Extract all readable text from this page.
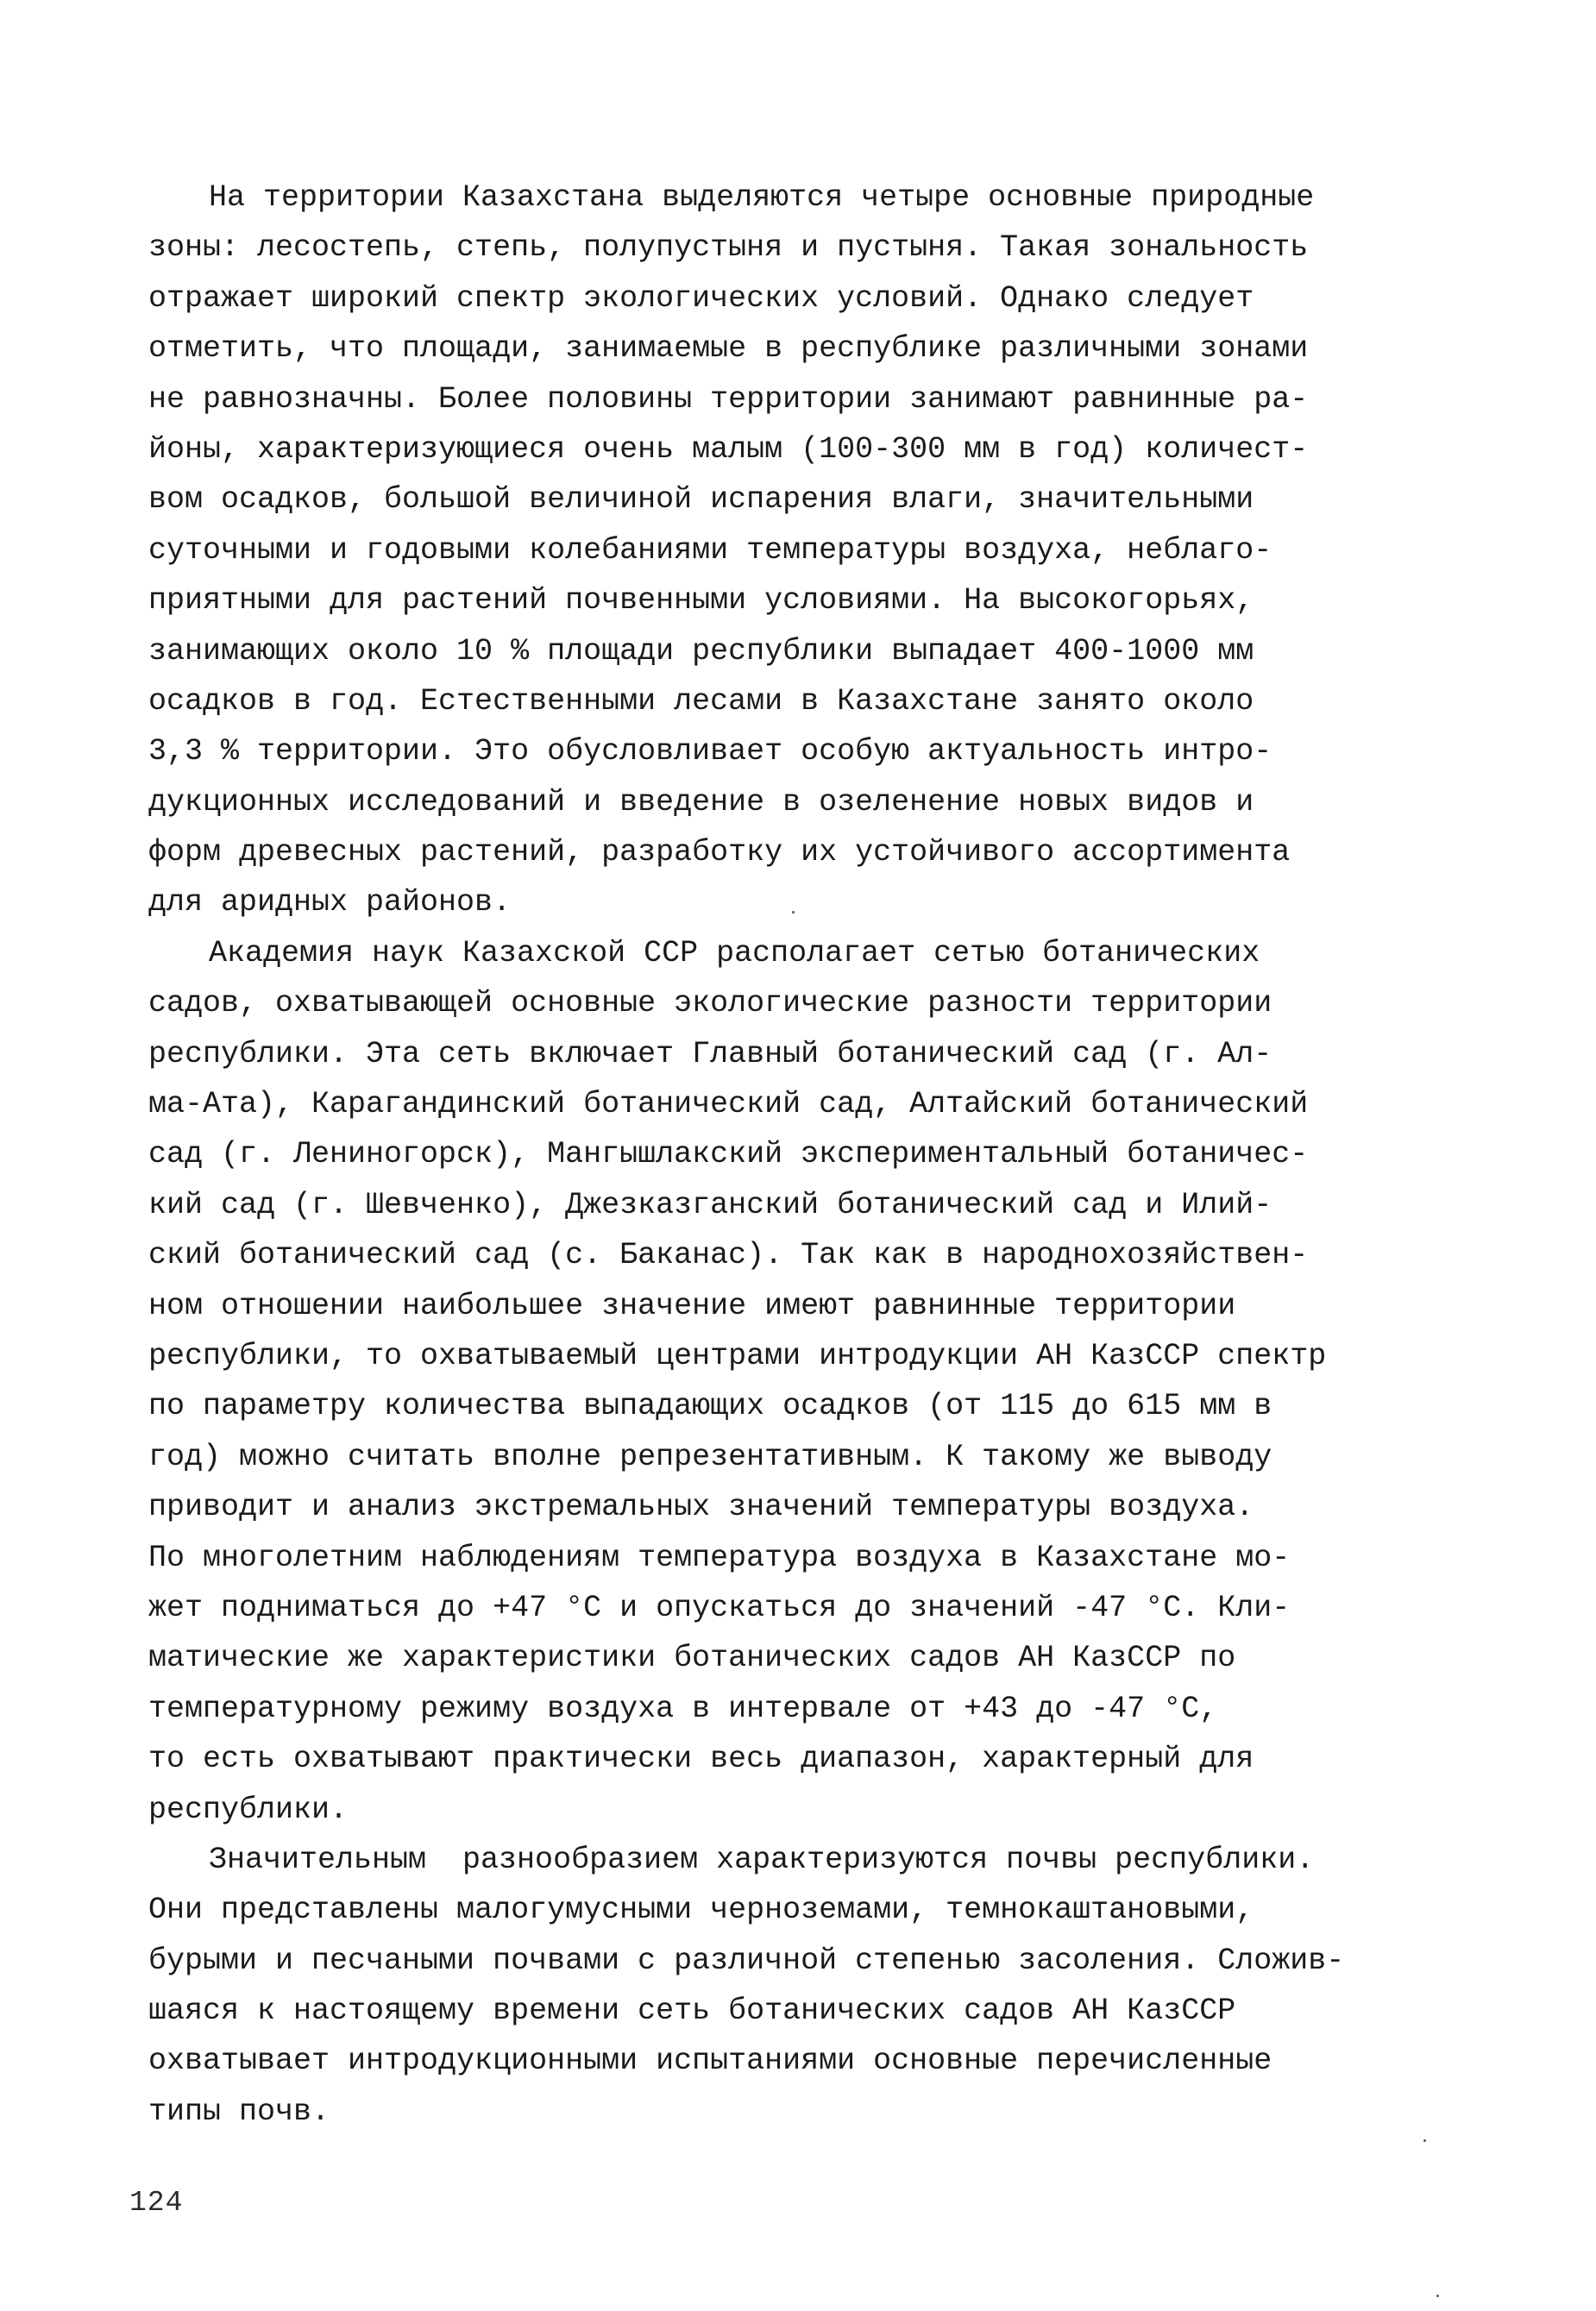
На территории Казахстана выделяются четыре основные природные
зоны: лесостепь, степь, полупустыня и пустыня. Такая зональность
отражает широкий спектр экологических условий. Однако следует
отметить, что площади, занимаемые в республике различными зонами
не равнозначны. Более половины территории занимают равнинные ра-
йоны, характеризующиеся очень малым (100-300 мм в год) количест-
вом осадков, большой величиной испарения влаги, значительными
суточными и годовыми колебаниями температуры воздуха, неблаго-
приятными для растений почвенными условиями. На высокогорьях,
занимающих около 10 % площади республики выпадает 400-1000 мм
осадков в год. Естественными лесами в Казахстане занято около
3,3 % территории. Это обусловливает особую актуальность интро-
дукционных исследований и введение в озеленение новых видов и
форм древесных растений, разработку их устойчивого ассортимента
для аридных районов.
Академия наук Казахской ССР располагает сетью ботанических
садов, охватывающей основные экологические разности территории
республики. Эта сеть включает Главный ботанический сад (г. Ал-
ма-Ата), Карагандинский ботанический сад, Алтайский ботанический
сад (г. Лениногорск), Мангышлакский экспериментальный ботаничес-
кий сад (г. Шевченко), Джезказганский ботанический сад и Илий-
ский ботанический сад (с. Баканас). Так как в народнохозяйствен-
ном отношении наибольшее значение имеют равнинные территории
республики, то охватываемый центрами интродукции АН КазССР спектр
по параметру количества выпадающих осадков (от 115 до 615 мм в
год) можно считать вполне репрезентативным. К такому же выводу
приводит и анализ экстремальных значений температуры воздуха.
По многолетним наблюдениям температура воздуха в Казахстане мо-
жет подниматься до +47 °С и опускаться до значений -47 °С. Кли-
матические же характеристики ботанических садов АН КазССР по
температурному режиму воздуха в интервале от +43 до -47 °С,
то есть охватывают практически весь диапазон, характерный для
республики.
Значительным  разнообразием характеризуются почвы республики.
Они представлены малогумусными черноземами, темнокаштановыми,
бурыми и песчаными почвами с различной степенью засоления. Сложив-
шаяся к настоящему времени сеть ботанических садов АН КазССР
охватывает интродукционными испытаниями основные перечисленные
типы почв.
124
